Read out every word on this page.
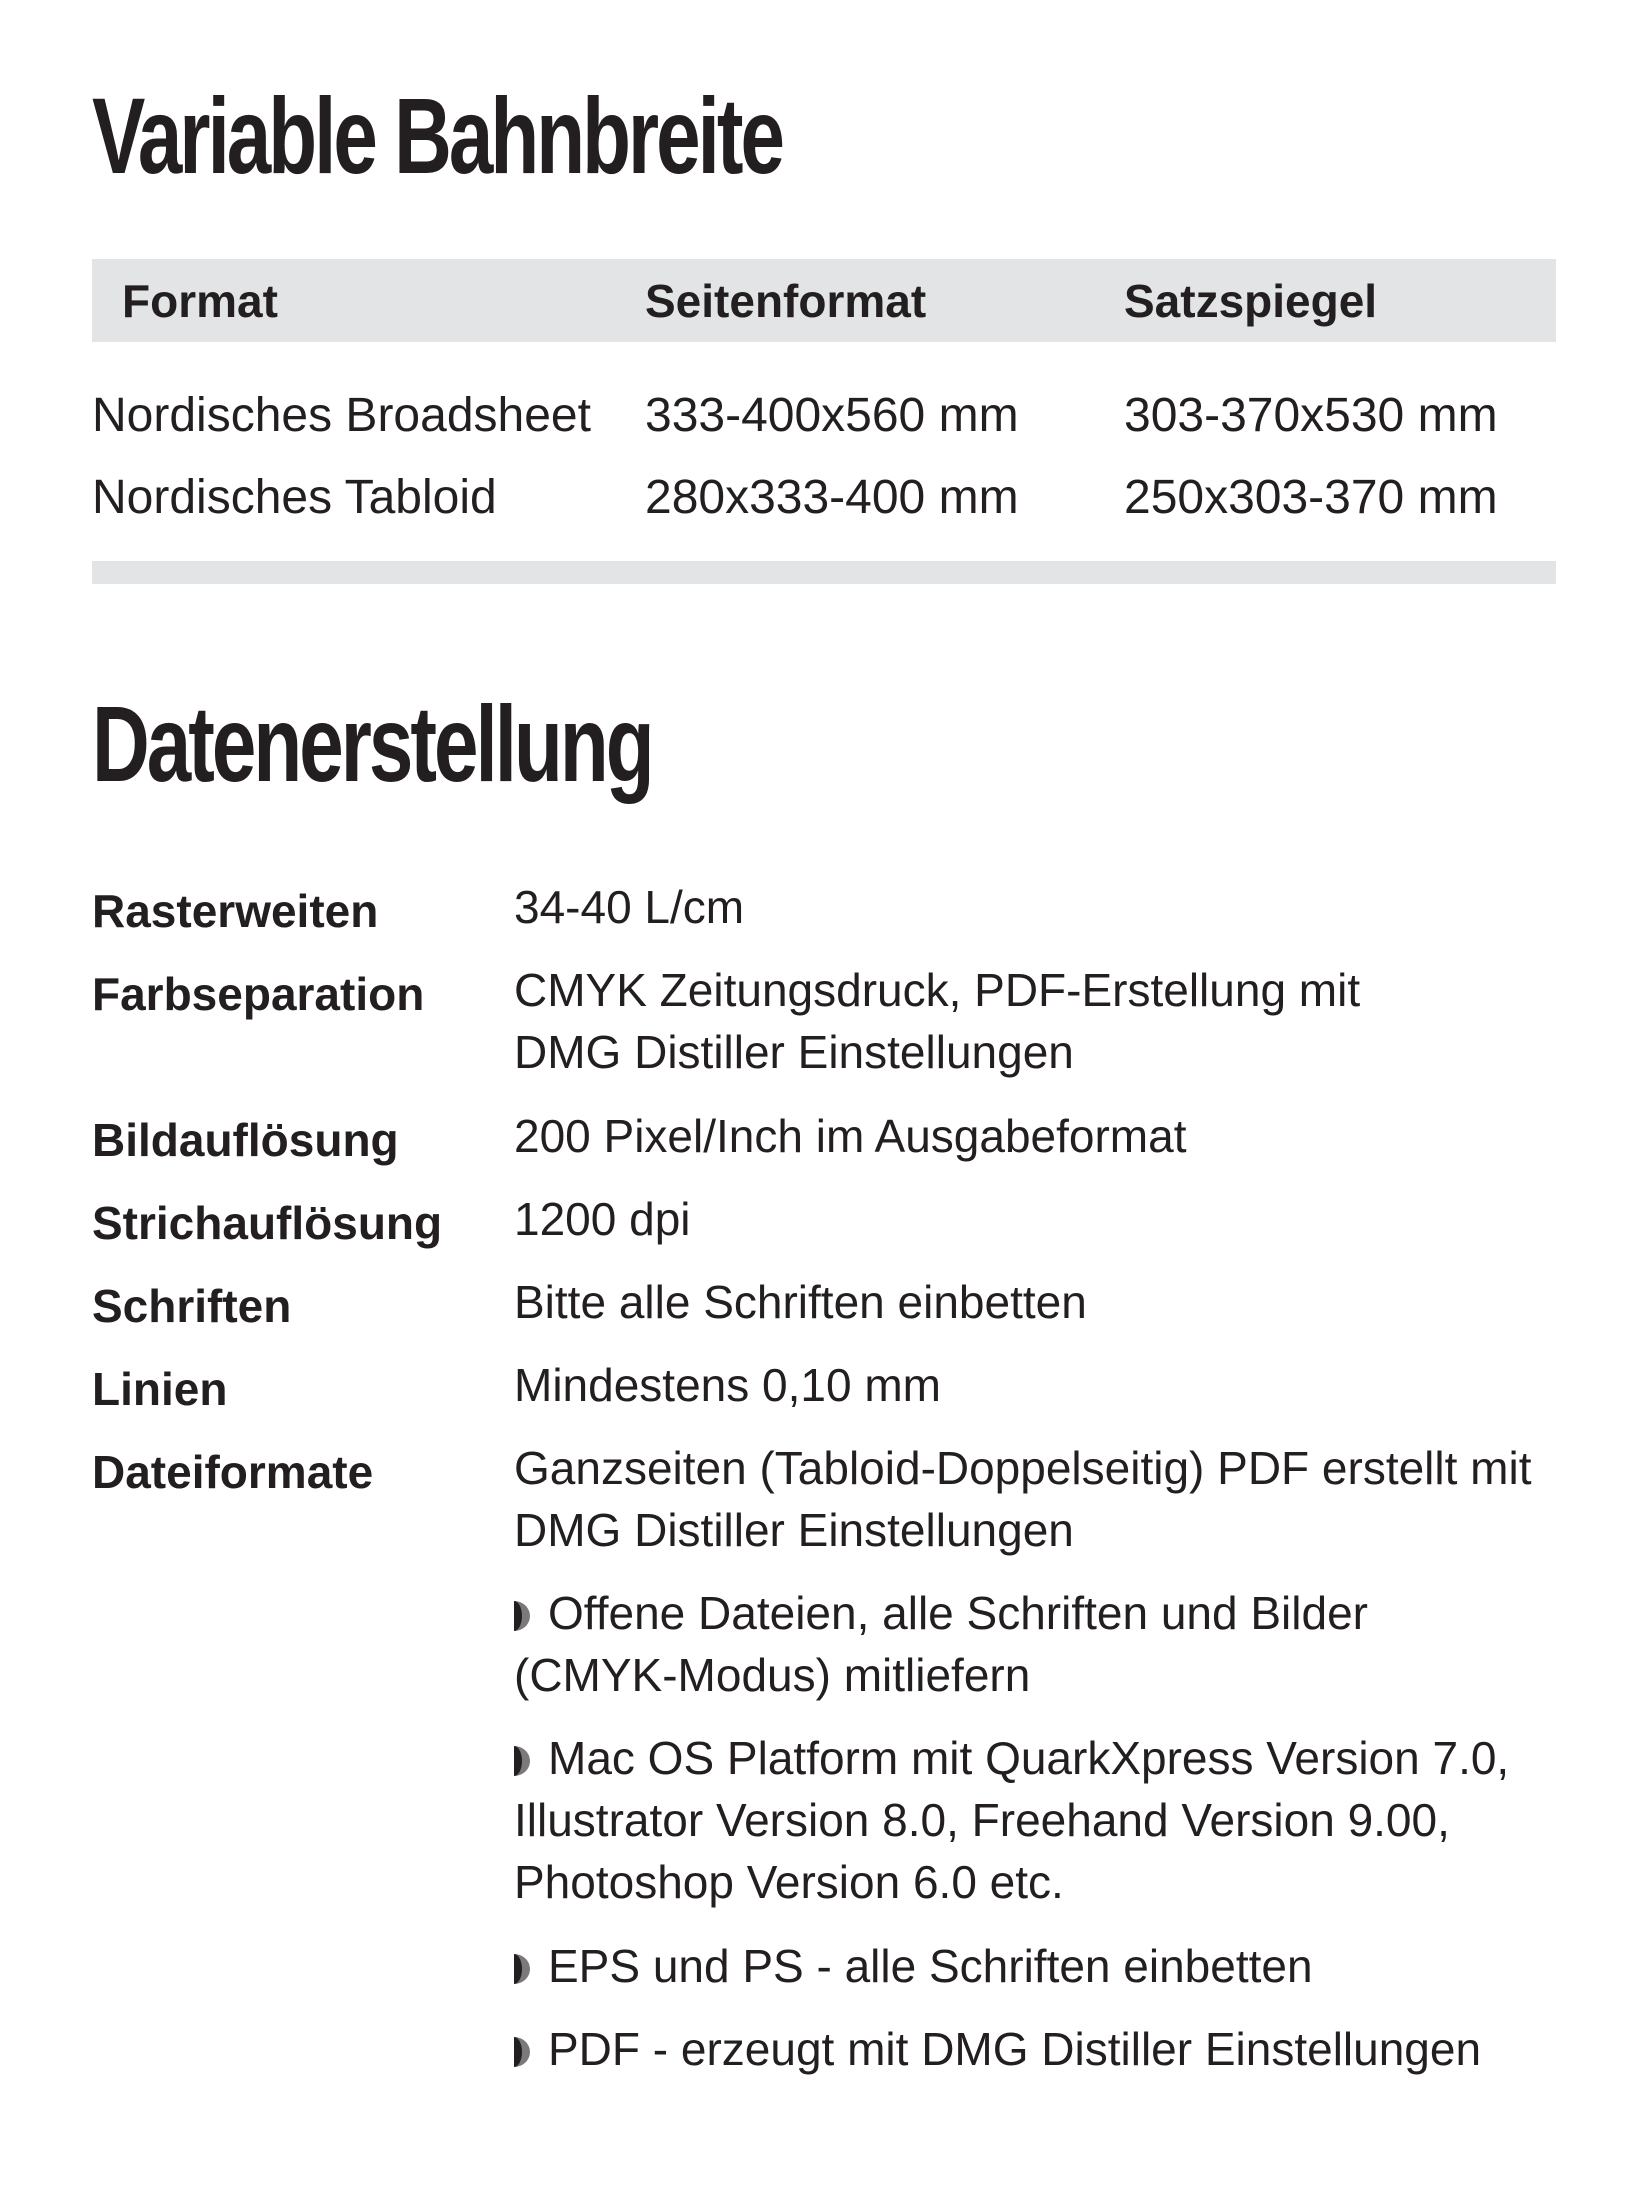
Variable Bahnbreite
Format	Seitenformat	Satzspiegel
Nordisches Broadsheet 333-400x560 mm 303-370x530 mm
Nordisches Tabloid	280x333-400 mm 250x303-370 mm
Datenerstellung
Rasterweiten	34-40 L/cm
Farbseparation CMYK Zeitungsdruck, PDF-Erstellung mit
DMG Distiller Einstellungen
Bildauflösung	200 Pixel/Inch im Ausgabeformat
Strichauflösung 1200 dpi
Schriften	Bitte alle Schriften einbetten
Linien	Mindestens 0,10 mm
Dateiformate	Ganzseiten (Tabloid-Doppelseitig) PDF erstellt mit
DMG Distiller Einstellungen
Offene Dateien, alle Schriften und Bilder
(CMYK-Modus) mitliefern
Mac OS Platform mit QuarkXpress Version 7.0,
Illustrator Version 8.0, Freehand Version 9.00,
Photoshop Version 6.0 etc.
EPS und PS - alle Schriften einbetten
PDF - erzeugt mit DMG Distiller Einstellungen
